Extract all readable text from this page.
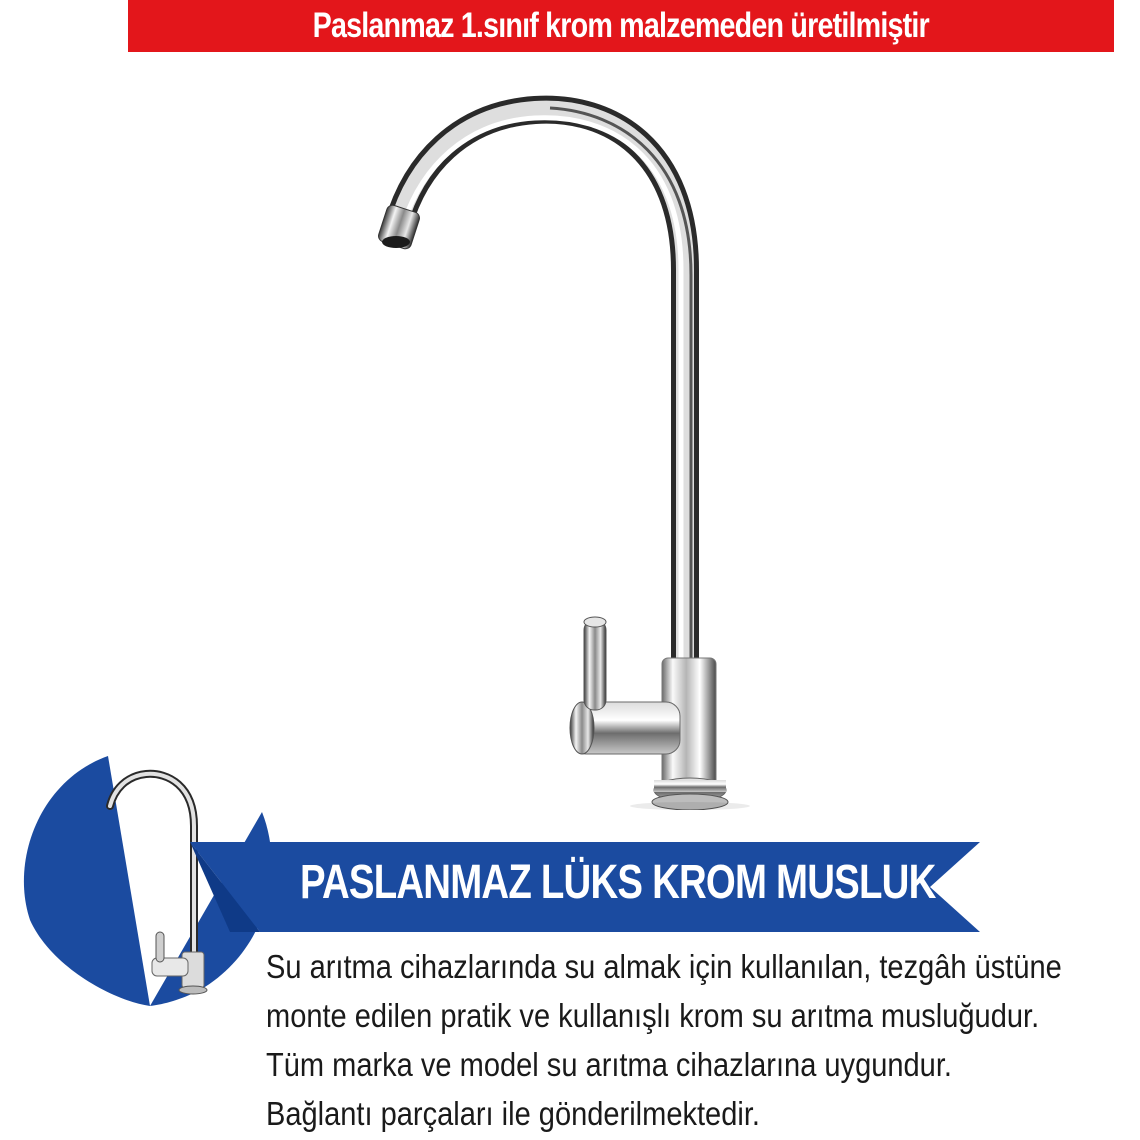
Paslanmaz 1.sınıf krom malzemeden üretilmiştir
PASLANMAZ LÜKS KROM MUSLUK

Su arıtma cihazlarında su almak için kullanılan, tezgâh üstüne

monte edilen pratik ve kullanışlı krom su arıtma musluğudur.

Tüm marka ve model su arıtma cihazlarına uygundur.

Bağlantı parçaları ile gönderilmektedir.
